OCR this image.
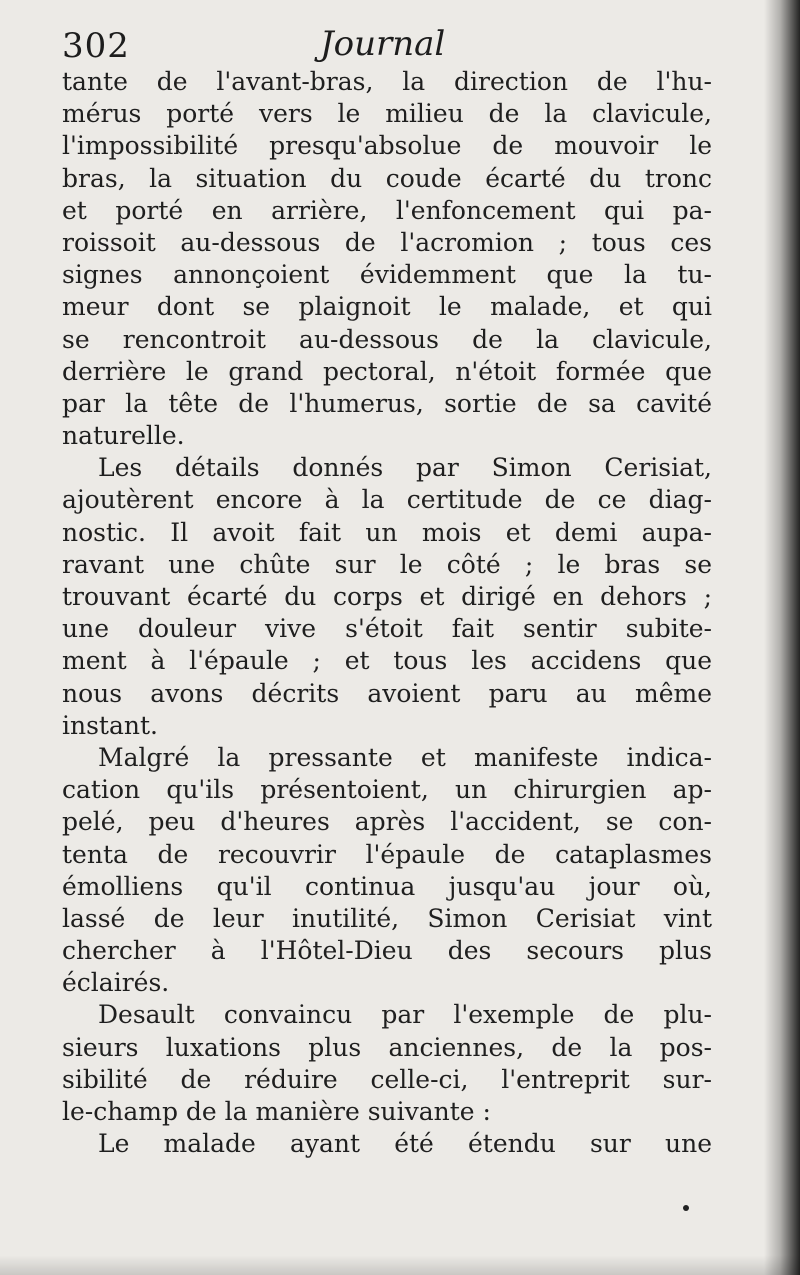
302	Journal
tante de l'avant-bras, la direction de l'hu-
mérus porté vers le milieu de la clavicule,
l'impossibilité presqu'absolue de mouvoir le
bras, la situation du coude écarté du tronc
et porté en arrière, l'enfoncement qui pa-
roissoit au-dessous de l'acromion ; tous ces
signes annonçoient évidemment que la tu-
meur dont se plaignoit le malade, et qui
se rencontroit au-dessous de la clavicule,
derrière le grand pectoral, n'étoit formée que
par la tête de l'humerus, sortie de sa cavité
naturelle.
Les détails donnés par Simon Cerisiat,
ajoutèrent encore à la certitude de ce diag-
nostic. Il avoit fait un mois et demi aupa-
ravant une chûte sur le côté ; le bras se
trouvant écarté du corps et dirigé en dehors ;
une douleur vive s'étoit fait sentir subite-
ment à l'épaule ; et tous les accidens que
nous avons décrits avoient paru au même
instant.
Malgré la pressante et manifeste indica-
cation qu'ils présentoient, un chirurgien ap-
pelé, peu d'heures après l'accident, se con-
tenta de recouvrir l'épaule de cataplasmes
émolliens qu'il continua jusqu'au jour où,
lassé de leur inutilité, Simon Cerisiat vint
chercher à l'Hôtel-Dieu des secours plus
éclairés.
Desault convaincu par l'exemple de plu-
sieurs luxations plus anciennes, de la pos-
sibilité de réduire celle-ci, l'entreprit sur-
le-champ de la manière suivante :
Le malade ayant été étendu sur une
